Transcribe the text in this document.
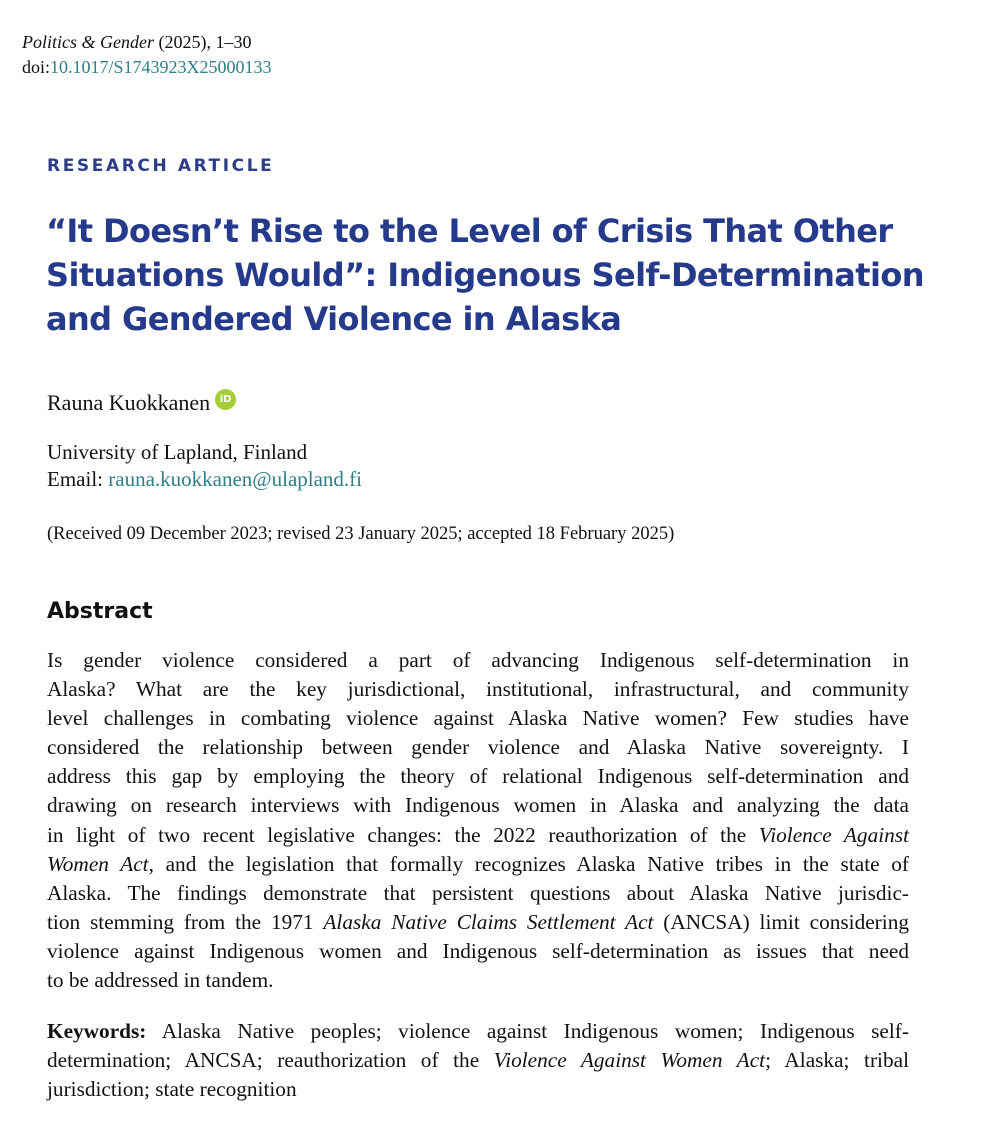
Politics & Gender (2025), 1–30
doi:10.1017/S1743923X25000133
RESEARCH ARTICLE
“It Doesn’t Rise to the Level of Crisis That Other
Situations Would”: Indigenous Self-Determination
and Gendered Violence in Alaska
Rauna Kuokkanen iD
University of Lapland, Finland
Email: rauna.kuokkanen@ulapland.fi
(Received 09 December 2023; revised 23 January 2025; accepted 18 February 2025)
Abstract
Is gender violence considered a part of advancing Indigenous self-determination in
Alaska? What are the key jurisdictional, institutional, infrastructural, and community
level challenges in combating violence against Alaska Native women? Few studies have
considered the relationship between gender violence and Alaska Native sovereignty. I
address this gap by employing the theory of relational Indigenous self-determination and
drawing on research interviews with Indigenous women in Alaska and analyzing the data
in light of two recent legislative changes: the 2022 reauthorization of the Violence Against
Women Act, and the legislation that formally recognizes Alaska Native tribes in the state of
Alaska. The findings demonstrate that persistent questions about Alaska Native jurisdic-
tion stemming from the 1971 Alaska Native Claims Settlement Act (ANCSA) limit considering
violence against Indigenous women and Indigenous self-determination as issues that need
to be addressed in tandem.
Keywords: Alaska Native peoples; violence against Indigenous women; Indigenous self-
determination; ANCSA; reauthorization of the Violence Against Women Act; Alaska; tribal
jurisdiction; state recognition
